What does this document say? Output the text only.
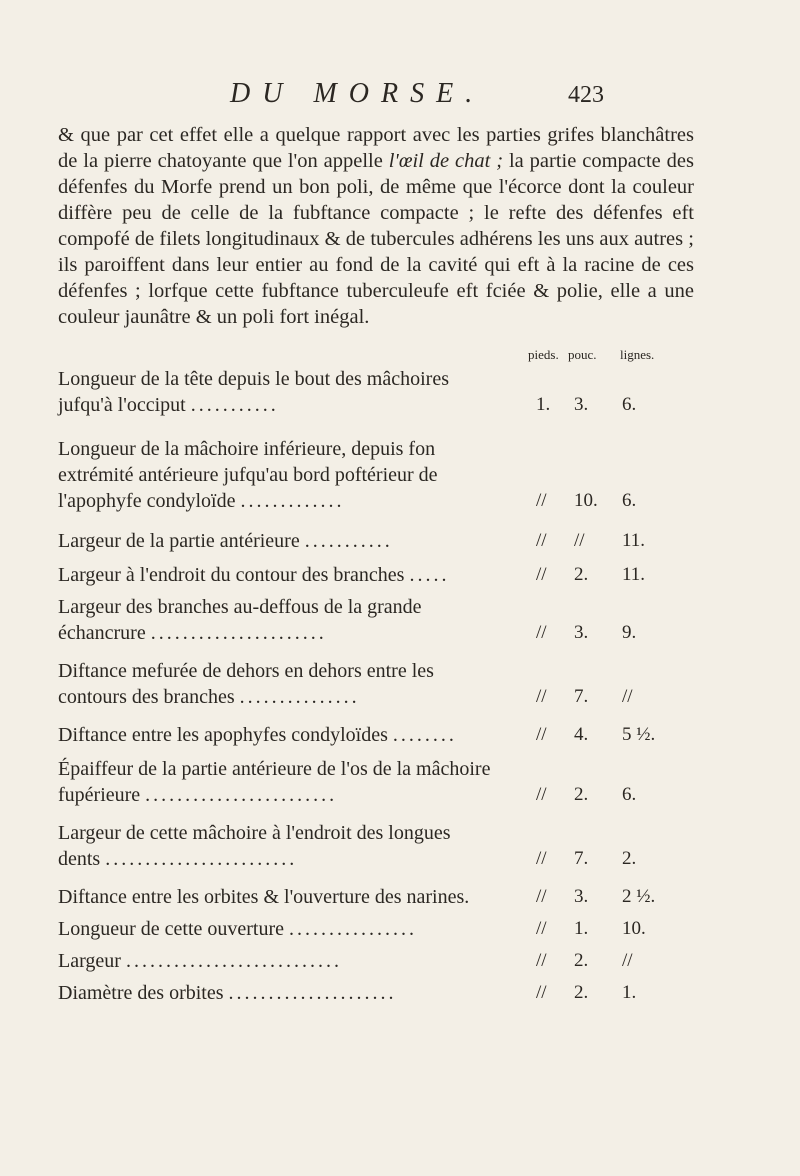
DU MORSE.	423
& que par cet effet elle a quelque rapport avec les parties grifes blanchâtres de la pierre chatoyante que l'on appelle l'œil de chat ; la partie compacte des défenfes du Morfe prend un bon poli, de même que l'écorce dont la couleur diffère peu de celle de la fubftance compacte ; le refte des défenfes eft compofé de filets longitudinaux & de tubercules adhérens les uns aux autres ; ils paroiffent dans leur entier au fond de la cavité qui eft à la racine de ces défenfes ; lorfque cette fubftance tuberculeufe eft fciée & polie, elle a une couleur jaunâtre & un poli fort inégal.
pieds. pouc. lignes.
Longueur de la tête depuis le bout des mâchoires jufqu'à l'occiput ...........	1. 3. 6.
Longueur de la mâchoire inférieure, depuis fon extrémité antérieure jufqu'au bord poftérieur de l'apophyfe condyloïde .............	// 10. 6.
Largeur de la partie antérieure ...........	// // 11.
Largeur à l'endroit du contour des branches .....	// 2. 11.
Largeur des branches au-deffous de la grande échancrure ......................	// 3. 9.
Diftance mefurée de dehors en dehors entre les contours des branches ...............	// 7. //
Diftance entre les apophyfes condyloïdes ........	// 4. 5 ½.
Épaiffeur de la partie antérieure de l'os de la mâchoire fupérieure ........................	// 2. 6.
Largeur de cette mâchoire à l'endroit des longues dents ........................	// 7. 2.
Diftance entre les orbites & l'ouverture des narines.	// 3. 2 ½.
Longueur de cette ouverture ................	// 1. 10.
Largeur ...........................	// 2. //
Diamètre des orbites .....................	// 2. 1.
